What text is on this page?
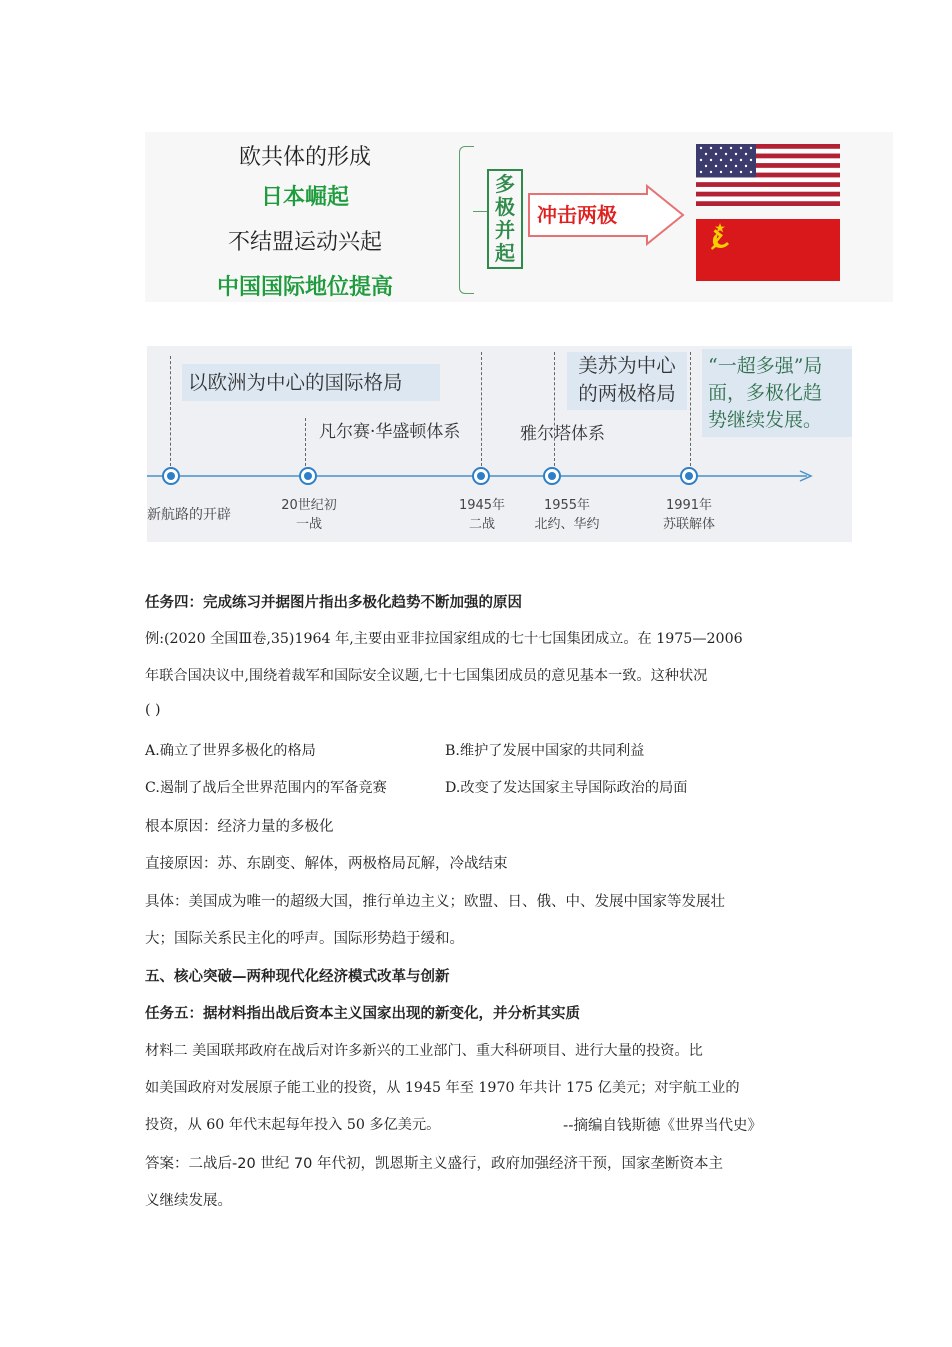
欧共体的形成
日本崛起
不结盟运动兴起
中国国际地位提高
多
极
并
起
冲击两极
以欧洲为中心的国际格局
美苏为中心
的两极格局
“一超多强”局
面，多极化趋
势继续发展。
凡尔赛·华盛顿体系	雅尔塔体系
新航路的开辟
20世纪初
一战
1945年
二战
1955年
北约、华约
1991年
苏联解体
任务四：完成练习并据图片指出多极化趋势不断加强的原因
例:(2020 全国Ⅲ卷,35)1964 年,主要由亚非拉国家组成的七十七国集团成立。在 1975—2006
年联合国决议中,围绕着裁军和国际安全议题,七十七国集团成员的意见基本一致。这种状况
( )
A.确立了世界多极化的格局	B.维护了发展中国家的共同利益
C.遏制了战后全世界范围内的军备竞赛	D.改变了发达国家主导国际政治的局面
根本原因：经济力量的多极化
直接原因：苏、东剧变、解体，两极格局瓦解，冷战结束
具体：美国成为唯一的超级大国，推行单边主义；欧盟、日、俄、中、发展中国家等发展壮
大；国际关系民主化的呼声。国际形势趋于缓和。
五、核心突破—两种现代化经济模式改革与创新
任务五：据材料指出战后资本主义国家出现的新变化，并分析其实质
材料二 美国联邦政府在战后对许多新兴的工业部门、重大科研项目、进行大量的投资。比
如美国政府对发展原子能工业的投资，从 1945 年至 1970 年共计 175 亿美元；对宇航工业的
投资，从 60 年代末起每年投入 50 多亿美元。	--摘编自钱斯德《世界当代史》
答案：二战后-20 世纪 70 年代初，凯恩斯主义盛行，政府加强经济干预，国家垄断资本主
义继续发展。
